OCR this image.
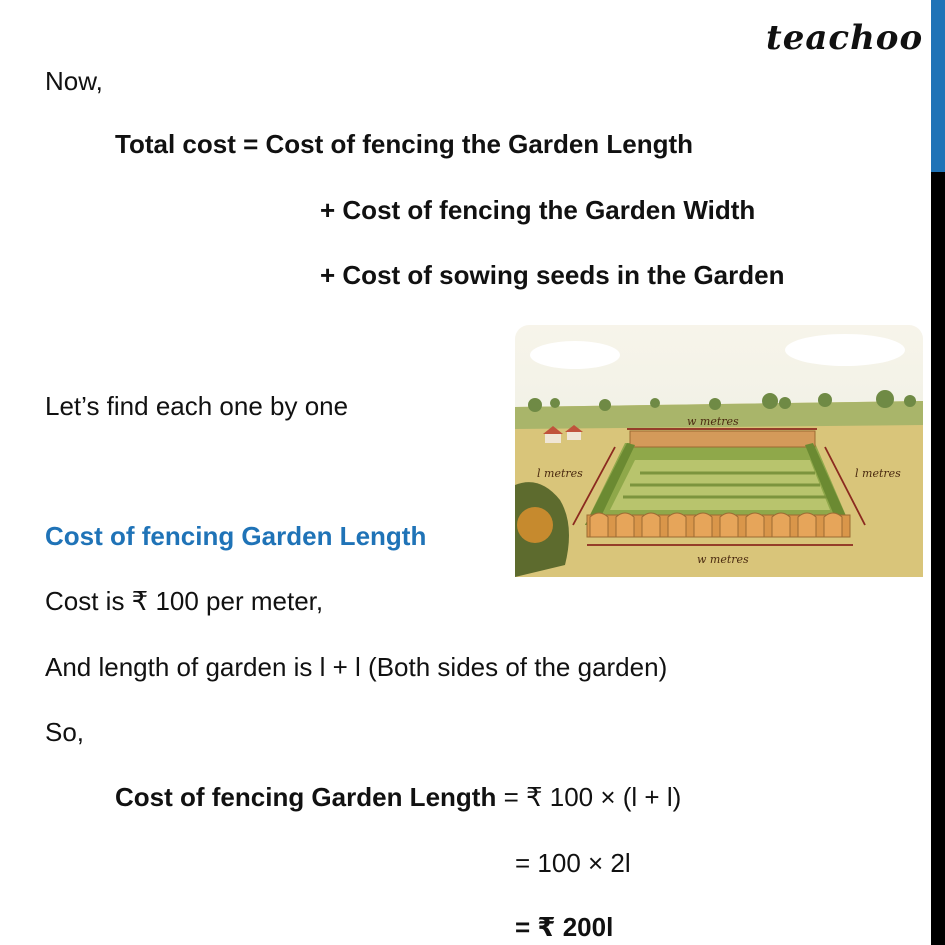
teachoo
Now,
Total cost = Cost of fencing the Garden Length
+ Cost of fencing the Garden Width
+ Cost of sowing seeds in the Garden
Let’s find each one by one
Cost of fencing Garden Length
Cost is ₹ 100 per meter,
And length of garden is l + l (Both sides of the garden)
So,
Cost of fencing Garden Length = ₹ 100 × (l + l)
= 100 × 2l
= ₹ 200l
w metres
w metres
l metres	l metres
